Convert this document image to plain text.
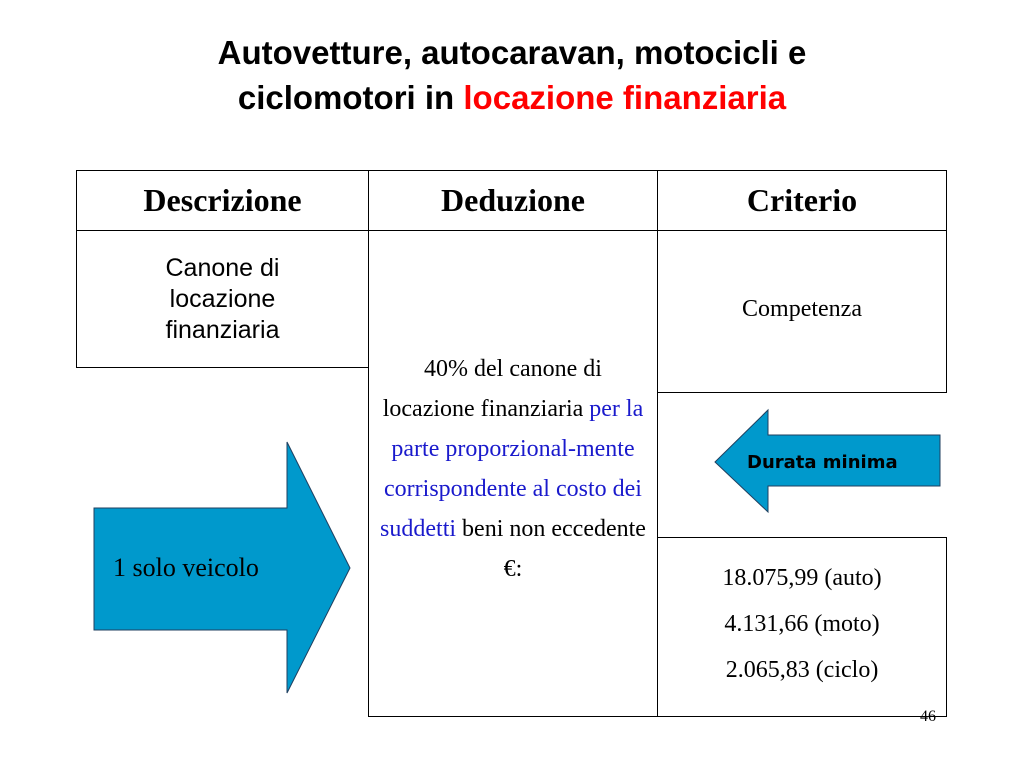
Autovetture, autocaravan, motocicli e
ciclomotori in locazione finanziaria
Descrizione	Deduzione	Criterio
Canone di locazione finanziaria
40% del canone di locazione finanziaria per la parte proporzional-mente corrispondente al costo dei suddetti beni non eccedente €:
Competenza
18.075,99 (auto)
4.131,66 (moto)
2.065,83 (ciclo)
1 solo veicolo
Durata minima
46
